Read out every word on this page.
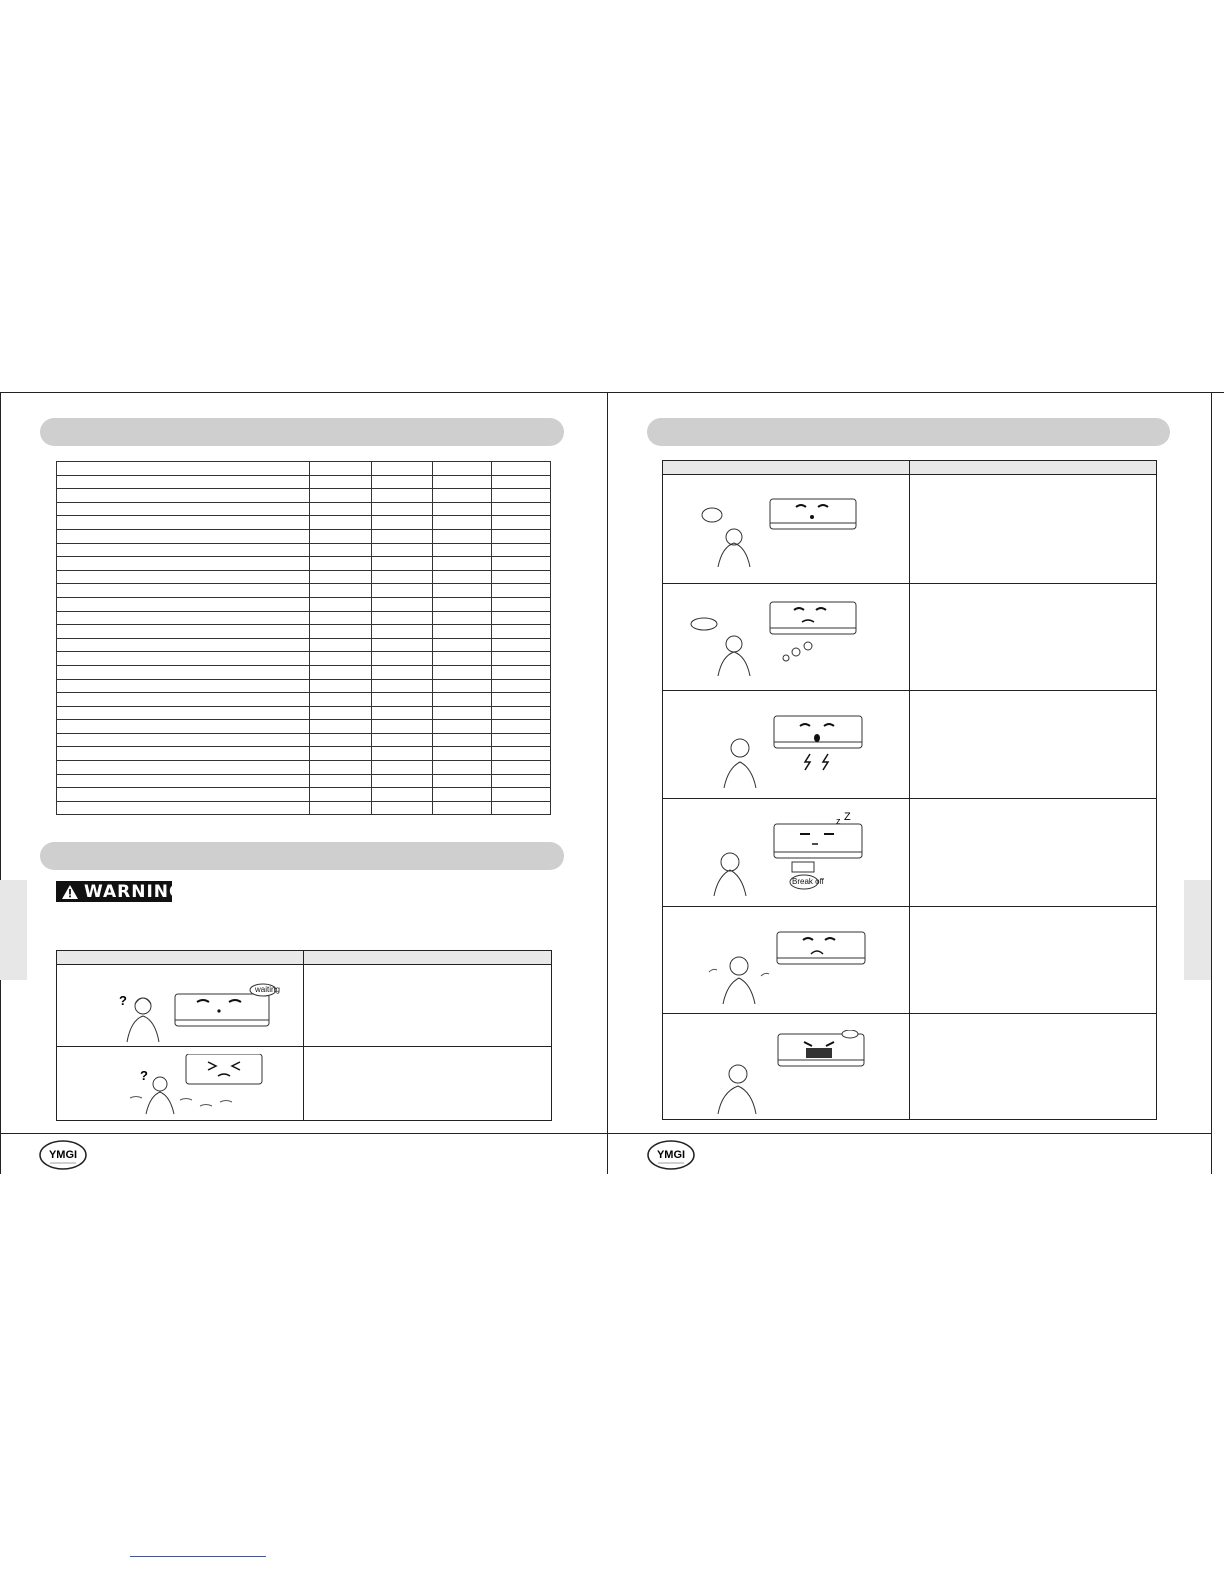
WARNING
?
waiting
?
YMGI
z Z
Break off
YMGI
